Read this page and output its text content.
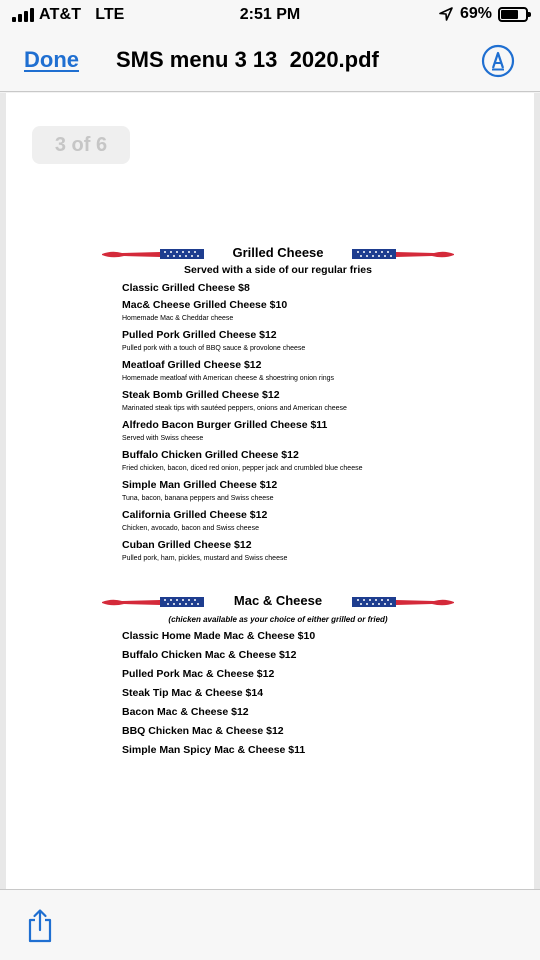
AT&T LTE	2:51 PM	69%
Done SMS menu 3 13  2020.pdf
3 of 6
Grilled Cheese
Served with a side of our regular fries
Classic Grilled Cheese $8
Mac& Cheese Grilled Cheese $10
Homemade Mac & Cheddar cheese
Pulled Pork Grilled Cheese $12
Pulled pork with a touch of BBQ sauce & provolone cheese
Meatloaf Grilled Cheese $12
Homemade meatloaf with American cheese & shoestring onion rings
Steak Bomb Grilled Cheese $12
Marinated steak tips with sautéed peppers, onions and American cheese
Alfredo Bacon Burger Grilled Cheese $11
Served with Swiss cheese
Buffalo Chicken Grilled Cheese $12
Fried chicken, bacon, diced red onion, pepper jack and crumbled blue cheese
Simple Man Grilled Cheese $12
Tuna, bacon, banana peppers and Swiss cheese
California Grilled Cheese $12
Chicken, avocado, bacon and Swiss cheese
Cuban Grilled Cheese $12
Pulled pork, ham, pickles, mustard and Swiss cheese
Mac & Cheese
(chicken available as your choice of either grilled or fried)
Classic Home Made Mac & Cheese $10
Buffalo Chicken Mac & Cheese $12
Pulled Pork Mac & Cheese $12
Steak Tip Mac & Cheese $14
Bacon Mac & Cheese $12
BBQ Chicken Mac & Cheese $12
Simple Man Spicy Mac & Cheese $11
